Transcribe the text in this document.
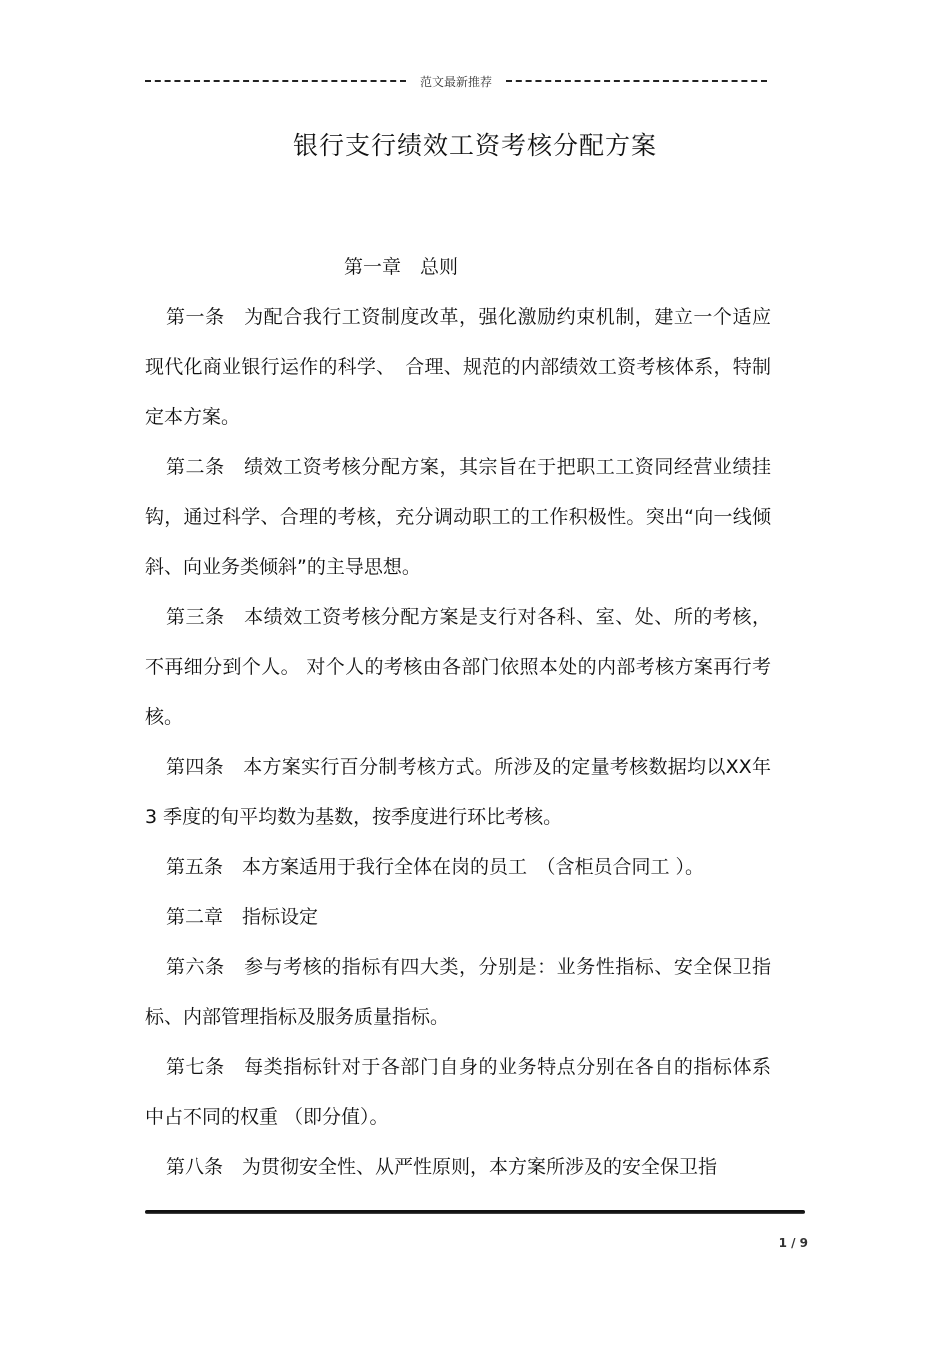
范文最新推荐
银行支行绩效工资考核分配方案
第一章　总则
第一条　为配合我行工资制度改革，强化激励约束机制，建立一个适应现代化商业银行运作的科学、　合理、规范的内部绩效工资考核体系，特制定本方案。
第二条　绩效工资考核分配方案，其宗旨在于把职工工资同经营业绩挂钩，通过科学、合理的考核，充分调动职工的工作积极性。突出“向一线倾斜、向业务类倾斜”的主导思想。
第三条　本绩效工资考核分配方案是支行对各科、室、处、所的考核，不再细分到个人。 对个人的考核由各部门依照本处的内部考核方案再行考核。
第四条　本方案实行百分制考核方式。所涉及的定量考核数据均以XX年 3 季度的旬平均数为基数，按季度进行环比考核。
第五条　本方案适用于我行全体在岗的员工　（含柜员合同工 ）。
第二章　指标设定
第六条　参与考核的指标有四大类，分别是：业务性指标、安全保卫指标、内部管理指标及服务质量指标。
第七条　每类指标针对于各部门自身的业务特点分别在各自的指标体系中占不同的权重 （即分值）。
第八条　为贯彻安全性、从严性原则，本方案所涉及的安全保卫指
1 / 9
